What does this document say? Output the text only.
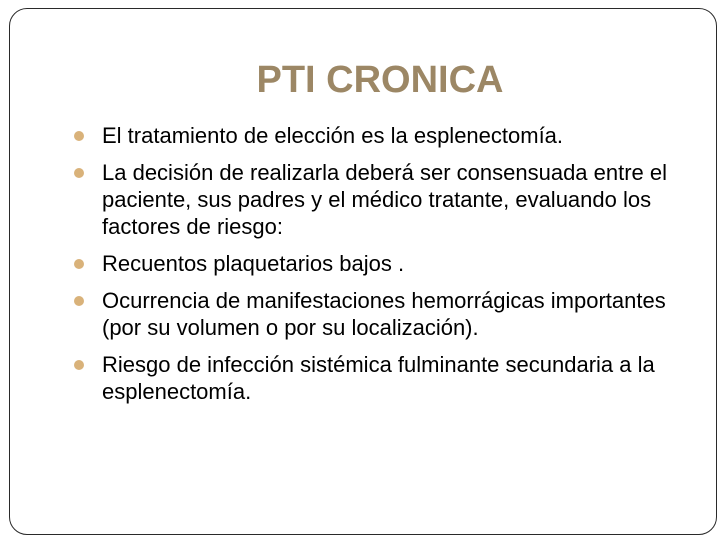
PTI CRONICA
El tratamiento de elección es la esplenectomía.
La decisión de realizarla deberá ser consensuada entre el paciente, sus padres y el médico tratante, evaluando los factores de riesgo:
Recuentos plaquetarios bajos .
Ocurrencia de manifestaciones hemorrágicas importantes (por su volumen o por su localización).
Riesgo de infección sistémica fulminante secundaria a la esplenectomía.
